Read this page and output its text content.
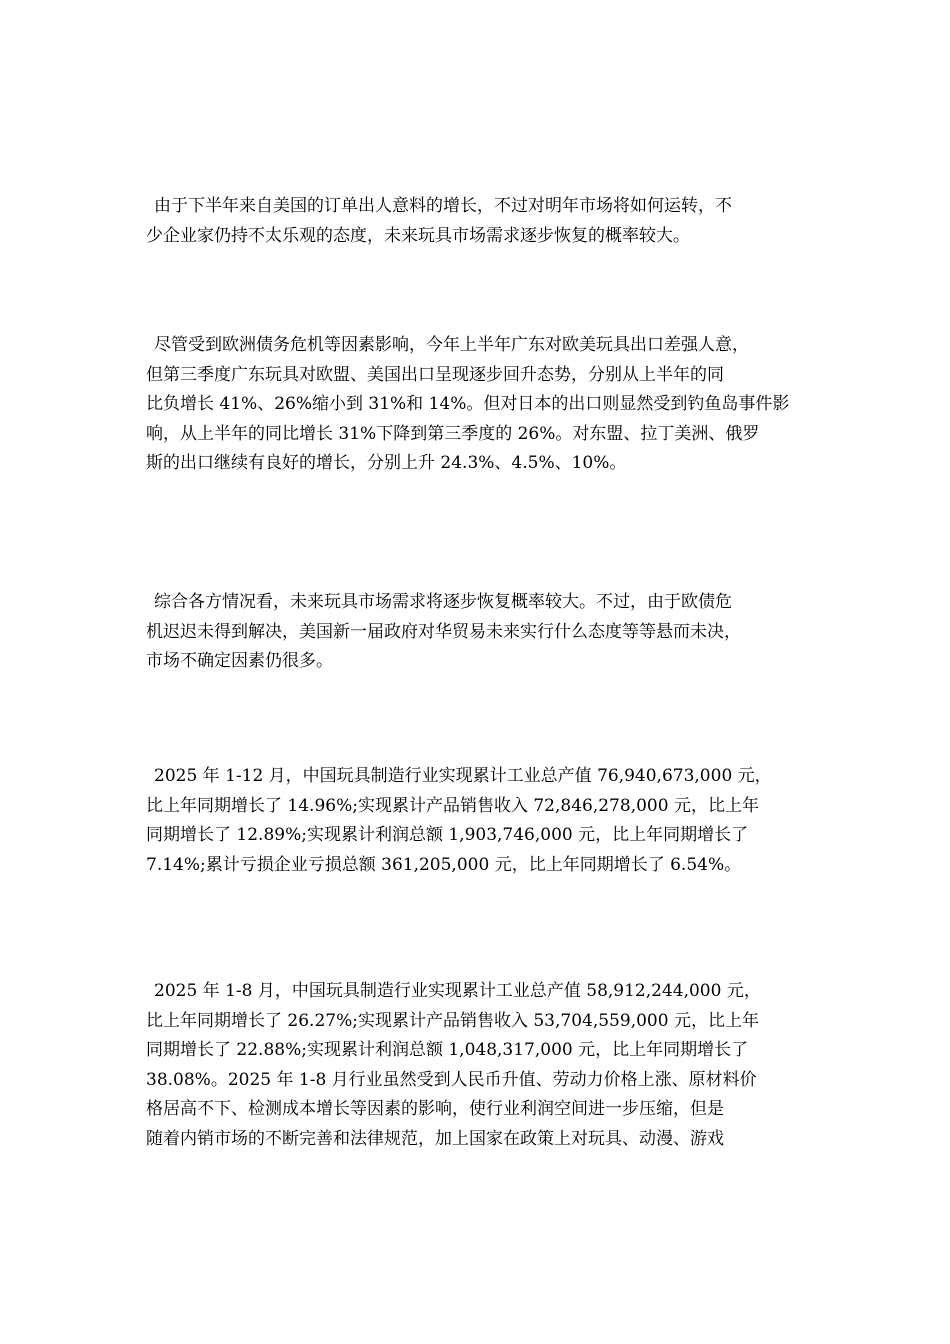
由于下半年来自美国的订单出人意料的增长，不过对明年市场将如何运转，不
少企业家仍持不太乐观的态度，未来玩具市场需求逐步恢复的概率较大。

尽管受到欧洲债务危机等因素影响，今年上半年广东对欧美玩具出口差强人意，
但第三季度广东玩具对欧盟、美国出口呈现逐步回升态势，分别从上半年的同
比负增长 41%、26%缩小到 31%和 14%。但对日本的出口则显然受到钓鱼岛事件影
响，从上半年的同比增长 31%下降到第三季度的 26%。对东盟、拉丁美洲、俄罗
斯的出口继续有良好的增长，分别上升 24.3%、4.5%、10%。

综合各方情况看，未来玩具市场需求将逐步恢复概率较大。不过，由于欧债危
机迟迟未得到解决，美国新一届政府对华贸易未来实行什么态度等等悬而未决，
市场不确定因素仍很多。

2025 年 1-12 月，中国玩具制造行业实现累计工业总产值 76,940,673,000 元，
比上年同期增长了 14.96%;实现累计产品销售收入 72,846,278,000 元，比上年
同期增长了 12.89%;实现累计利润总额 1,903,746,000 元，比上年同期增长了
7.14%;累计亏损企业亏损总额 361,205,000 元，比上年同期增长了 6.54%。

2025 年 1-8 月，中国玩具制造行业实现累计工业总产值 58,912,244,000 元，
比上年同期增长了 26.27%;实现累计产品销售收入 53,704,559,000 元，比上年
同期增长了 22.88%;实现累计利润总额 1,048,317,000 元，比上年同期增长了
38.08%。2025 年 1-8 月行业虽然受到人民币升值、劳动力价格上涨、原材料价
格居高不下、检测成本增长等因素的影响，使行业利润空间进一步压缩，但是
随着内销市场的不断完善和法律规范，加上国家在政策上对玩具、动漫、游戏
